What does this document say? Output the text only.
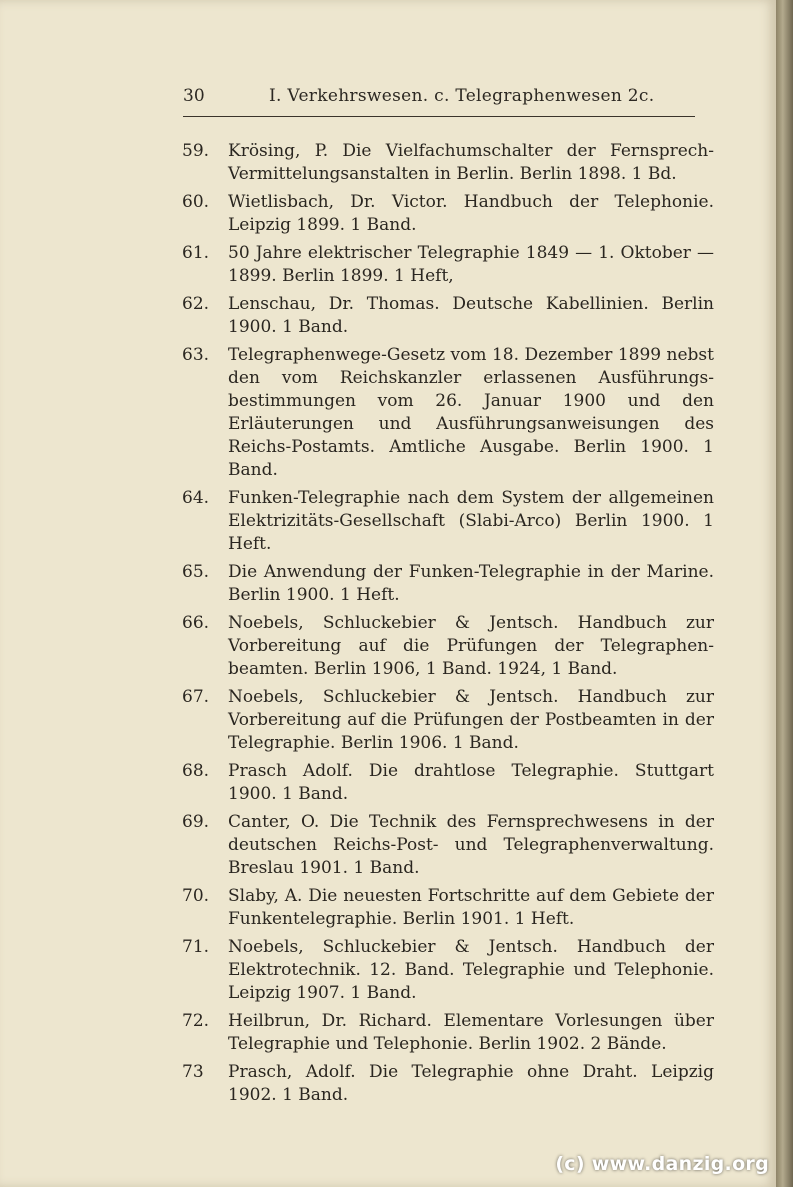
30	I. Verkehrswesen. c. Telegraphenwesen 2c.
59.	Krösing, P. Die Vielfachumschalter der Fernsprech-Vermittelungsanstalten in Berlin. Berlin 1898. 1 Bd.
60.	Wietlisbach, Dr. Victor. Handbuch der Telephonie. Leipzig 1899. 1 Band.
61.	50 Jahre elektrischer Telegraphie 1849 — 1. Oktober — 1899. Berlin 1899. 1 Heft,
62.	Lenschau, Dr. Thomas. Deutsche Kabellinien. Berlin 1900. 1 Band.
63.	Telegraphenwege-Gesetz vom 18. Dezember 1899 nebst den vom Reichskanzler erlassenen Ausführungs-bestimmungen vom 26. Januar 1900 und den Erläuterungen und Ausführungsanweisungen des Reichs-Postamts. Amtliche Ausgabe. Berlin 1900. 1 Band.
64.	Funken-Telegraphie nach dem System der allgemeinen Elektrizitäts-Gesellschaft (Slabi-Arco) Berlin 1900. 1 Heft.
65.	Die Anwendung der Funken-Telegraphie in der Marine. Berlin 1900. 1 Heft.
66.	Noebels, Schluckebier & Jentsch. Handbuch zur Vorbereitung auf die Prüfungen der Telegraphen-beamten. Berlin 1906, 1 Band. 1924, 1 Band.
67.	Noebels, Schluckebier & Jentsch. Handbuch zur Vorbereitung auf die Prüfungen der Postbeamten in der Telegraphie. Berlin 1906. 1 Band.
68.	Prasch Adolf. Die drahtlose Telegraphie. Stuttgart 1900. 1 Band.
69.	Canter, O. Die Technik des Fernsprechwesens in der deutschen Reichs-Post- und Telegraphenverwaltung. Breslau 1901. 1 Band.
70.	Slaby, A. Die neuesten Fortschritte auf dem Gebiete der Funkentelegraphie. Berlin 1901. 1 Heft.
71.	Noebels, Schluckebier & Jentsch. Handbuch der Elektrotechnik. 12. Band. Telegraphie und Telephonie. Leipzig 1907. 1 Band.
72.	Heilbrun, Dr. Richard. Elementare Vorlesungen über Telegraphie und Telephonie. Berlin 1902. 2 Bände.
73	Prasch, Adolf. Die Telegraphie ohne Draht. Leipzig 1902. 1 Band.
(c) www.danzig.org
